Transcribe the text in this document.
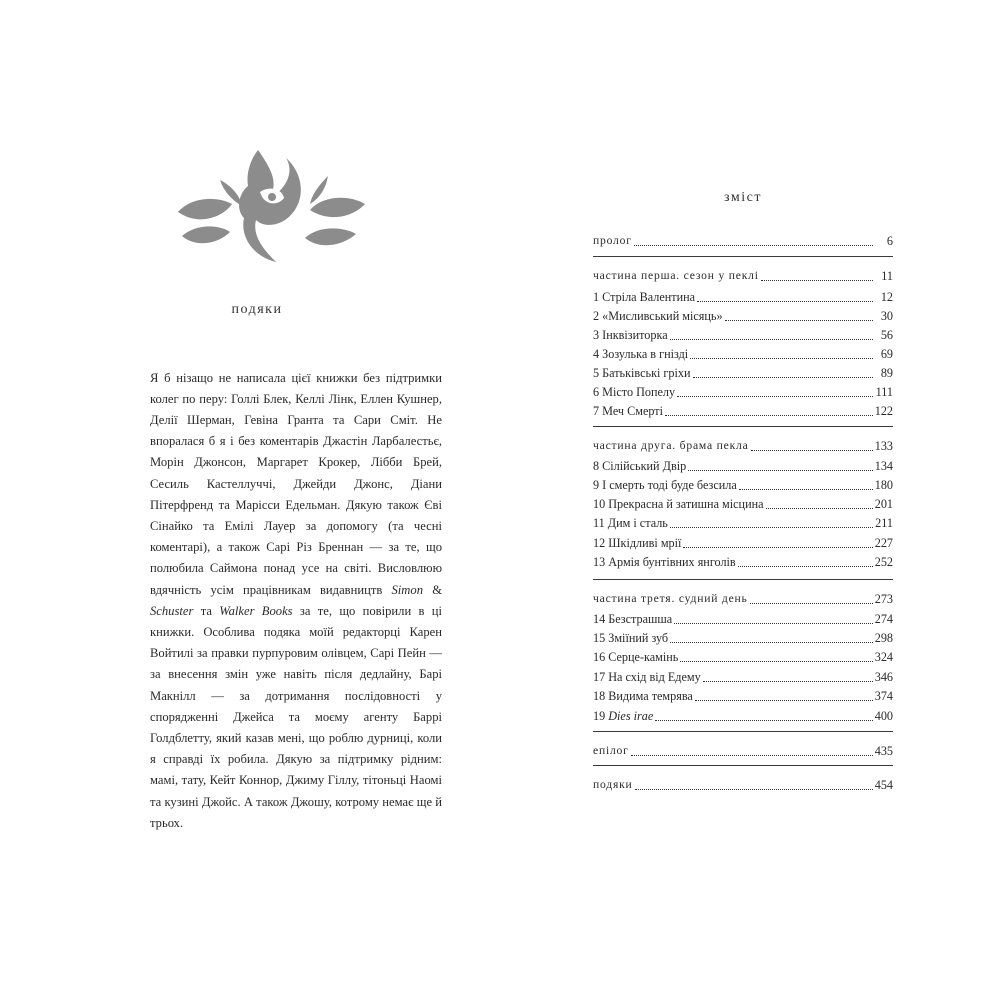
подяки

Я б нізащо не написала цієї книжки без підтримки колег по перу: Голлі Блек, Келлі Лінк, Еллен Кушнер, Делії Шерман, Гевіна Гранта та Сари Сміт. Не впоралася б я і без коментарів Джастін Ларбалестьє, Морін Джонсон, Маргарет Крокер, Лібби Брей, Сесиль Кастеллуччі, Джейди Джонс, Діани Пітерфренд та Марісси Едельман. Дякую також Єві Сінайко та Емілі Лауер за допомогу (та чесні коментарі), а також Сарі Різ Бреннан — за те, що полюбила Саймона понад усе на світі. Висловлюю вдячність усім працівникам видавництв Simon & Schuster та Walker Books за те, що повірили в ці книжки. Особлива подяка моїй редакторці Карен Войтилі за правки пурпуровим олівцем, Сарі Пейн — за внесення змін уже навіть після дедлайну, Барі Макнілл — за дотримання послідовності у спорядженні Джейса та моєму агенту Баррі Голдблетту, який казав мені, що роблю дурниці, коли я справді їх робила. Дякую за підтримку рідним: мамі, тату, Кейт Коннор, Джиму Гіллу, тітоньці Наомі та кузині Джойс. А також Джошу, котрому немає ще й трьох.

зміст
пролог	6
частина перша. сезон у пеклі	11
1 Стріла Валентина	12
2 «Мисливський місяць»	30
3 Інквізиторка	56
4 Зозулька в гнізді	69
5 Батьківські гріхи	89
6 Місто Попелу	111
7 Меч Смерті	122
частина друга. брама пекла	133
8 Сілійський Двір	134
9 І смерть тоді буде безсила	180
10 Прекрасна й затишна місцина	201
11 Дим і сталь	211
12 Шкідливі мрії	227
13 Армія бунтівних янголів	252
частина третя. судний день	273
14 Безстрашша	274
15 Зміїний зуб	298
16 Серце-камінь	324
17 На схід від Едему	346
18 Видима темрява	374
19 Dies irae	400
епілог	435
подяки	454
